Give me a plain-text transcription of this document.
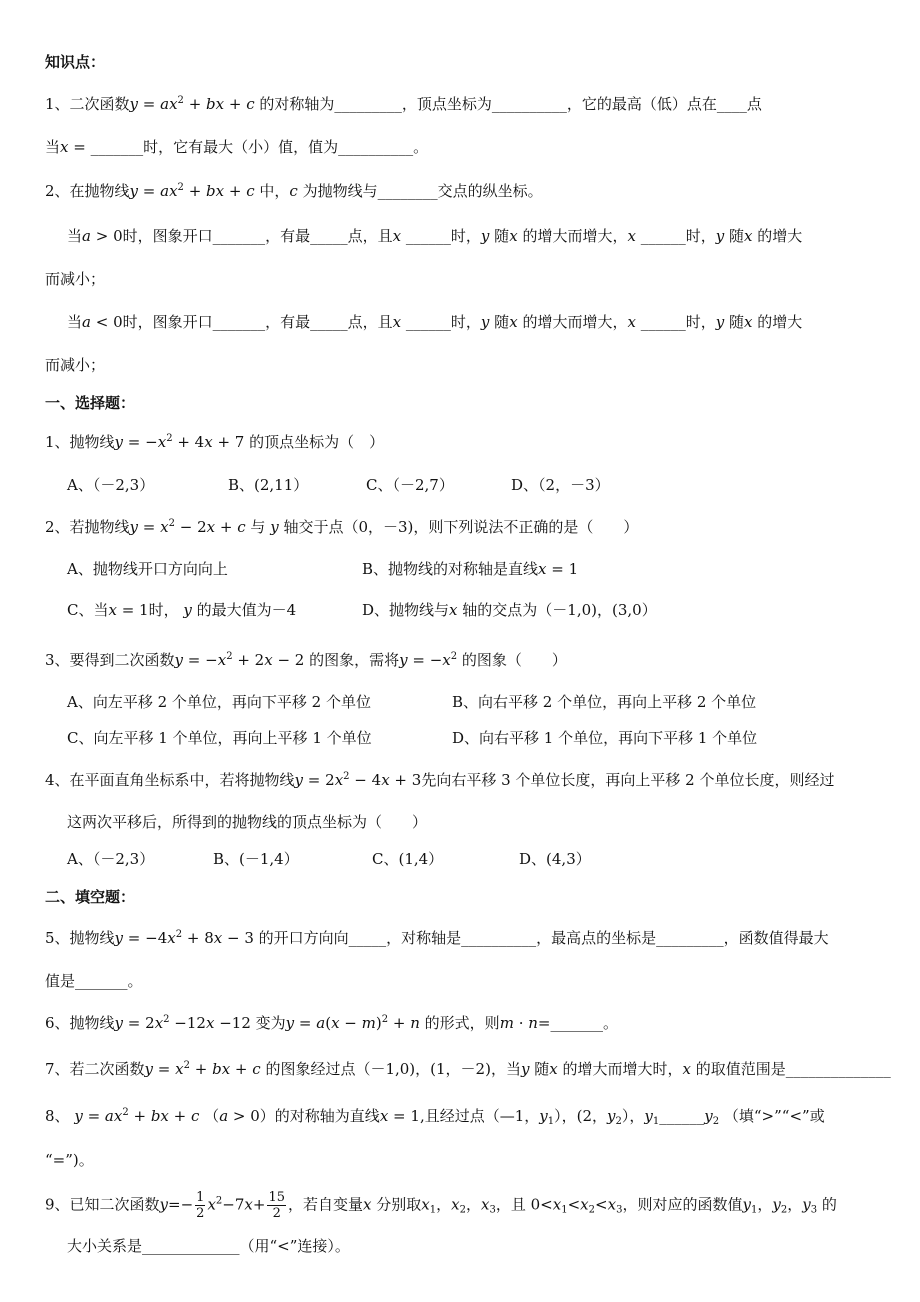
知识点：
1、二次函数$y = ax^2$ + bx + c 的对称轴为_________，顶点坐标为__________，它的最高（低）点在____点
当x = _______时，它有最大（小）值，值为__________。
2、在抛物线$y = ax^2$ + bx + c 中，c 为抛物线与________交点的纵坐标。
当a > 0时，图象开口_______，有最_____点，且x ______时，y 随x 的增大而增大，x ______时，y 随x 的增大
而减小；
当a < 0时，图象开口_______，有最_____点，且x ______时，y 随x 的增大而增大，x ______时，y 随x 的增大
而减小；
一、选择题：
1、抛物线$y = -x^2 + 4x + 7$ 的顶点坐标为（　）
A、（－2,3）	B、(2,11）	C、（－2,7）	D、（2，－3）
2、若抛物线$y = x^2 - 2x + c$ 与 y 轴交于点（0，－3)，则下列说法不正确的是（　　）
A、抛物线开口方向向上	B、抛物线的对称轴是直线x = 1
C、当x = 1时， y 的最大值为－4	D、抛物线与x 轴的交点为（－1,0)，(3,0）
3、要得到二次函数$y = -x^2 + 2x - 2$ 的图象，需将$y = -x^2$ 的图象（　　）
A、向左平移 2 个单位，再向下平移 2 个单位	B、向右平移 2 个单位，再向上平移 2 个单位
C、向左平移 1 个单位，再向上平移 1 个单位	D、向右平移 1 个单位，再向下平移 1 个单位
4、在平面直角坐标系中，若将抛物线$y = 2x^2 - 4x + 3$先向右平移 3 个单位长度，再向上平移 2 个单位长度，则经过
这两次平移后，所得到的抛物线的顶点坐标为（　　）
A、（－2,3）	B、(－1,4）	C、(1,4）	D、(4,3）
二、填空题：
5、抛物线$y = -4x^2 + 8x - 3$ 的开口方向向_____，对称轴是__________，最高点的坐标是_________，函数值得最大
值是_______。
6、抛物线$y = 2x^2 -12x -12$ 变为$y = a(x - m)^2 + n$ 的形式，则m · n=_______。
7、若二次函数$y = x^2$ + bx + c 的图象经过点（－1,0)，(1，－2)，当y 随x 的增大而增大时，x 的取值范围是______________
8、 $y = ax^2$ + bx + c （a > 0）的对称轴为直线x = 1,且经过点（—1，$y_1$），(2，$y_2$），$y_1\_\_\_\_\_\_y_2$ （填“>”“<”或
“=”)。
9、已知二次函数$y=- \frac{1}{2} x^2-7x+ \frac{15}{2}$ ，若自变量x 分别取$x_1$，$x_2$，$x_3$，且 $0<x_1<x_2<x_3$，则对应的函数值$y_1$，$y_2$，$y_3$ 的
大小关系是_____________（用“<”连接）。
